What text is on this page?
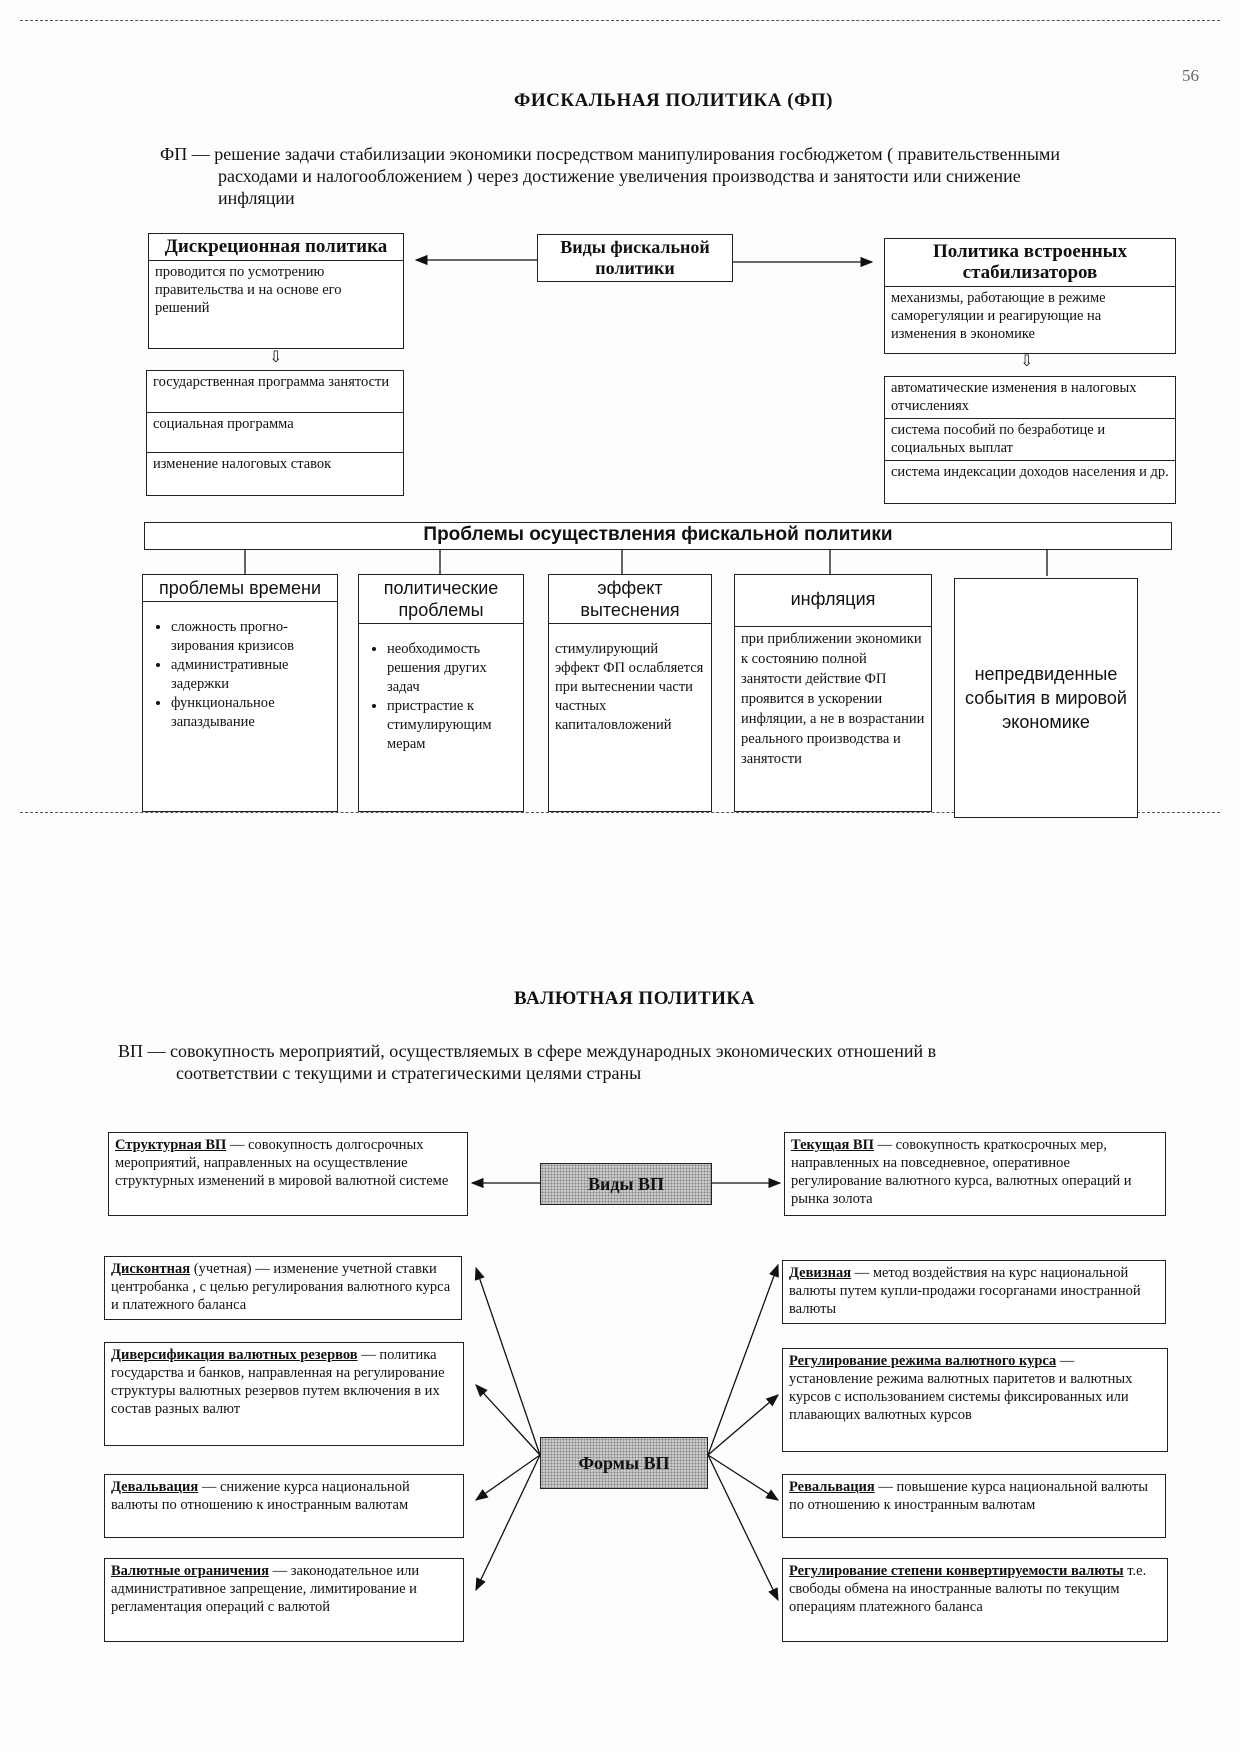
56
ФИСКАЛЬНАЯ ПОЛИТИКА (ФП)
ФП — решение задачи стабилизации экономики посредством манипулирования госбюджетом ( правительственными
расходами и налогообложением ) через достижение увеличения производства и занятости или снижение
инфляции
Виды фискальной политики
Дискреционная политика
проводится по усмотрению правительства и на основе его решений
⇩
государственная программа занятости
социальная программа
изменение налоговых ставок
Политика встроенных стабилизаторов
механизмы, работающие в режиме саморегуляции и реагирующие на изменения в экономике
⇩
автоматические изменения в налоговых отчислениях
система пособий по безработице и социальных выплат
система индексации доходов населения и др.
Проблемы осуществления фискальной политики
проблемы времени
• сложность прогно-зирования кризисов
• административные задержки
• функциональное запаздывание
политические проблемы
• необходимость решения других задач
• пристрастие к стимулирующим мерам
эффект вытеснения
стимулирующий эффект ФП ослабляется при вытеснении части частных капиталовложений
инфляция
при приближении экономики к состоянию полной занятости действие ФП проявится в ускорении инфляции, а не в возрастании реального производства и занятости
непредвиденные события в мировой экономике
ВАЛЮТНАЯ ПОЛИТИКА
ВП — совокупность мероприятий, осуществляемых в сфере международных экономических отношений в
соответствии с текущими и стратегическими целями страны
Виды ВП
Формы ВП
Структурная ВП — совокупность долгосрочных мероприятий, направленных на осуществление структурных изменений в мировой валютной системе
Текущая ВП — совокупность краткосрочных мер, направленных на повседневное, оперативное регулирование валютного курса, валютных операций и рынка золота
Дисконтная (учетная) — изменение учетной ставки центробанка , с целью регулирования валютного курса и платежного баланса
Диверсификация валютных резервов — политика государства и банков, направленная на регулирование структуры валютных резервов путем включения в их состав разных валют
Девальвация — снижение курса национальной валюты по отношению к иностранным валютам
Валютные ограничения — законодательное или административное запрещение, лимитирование и регламентация операций с валютой
Девизная — метод воздействия на курс национальной валюты путем купли-продажи госорганами иностранной валюты
Регулирование режима валютного курса — установление режима валютных паритетов и валютных курсов с использованием системы фиксированных или плавающих валютных курсов
Ревальвация — повышение курса национальной валюты по отношению к иностранным валютам
Регулирование степени конвертируемости валюты т.е. свободы обмена на иностранные валюты по текущим операциям платежного баланса
